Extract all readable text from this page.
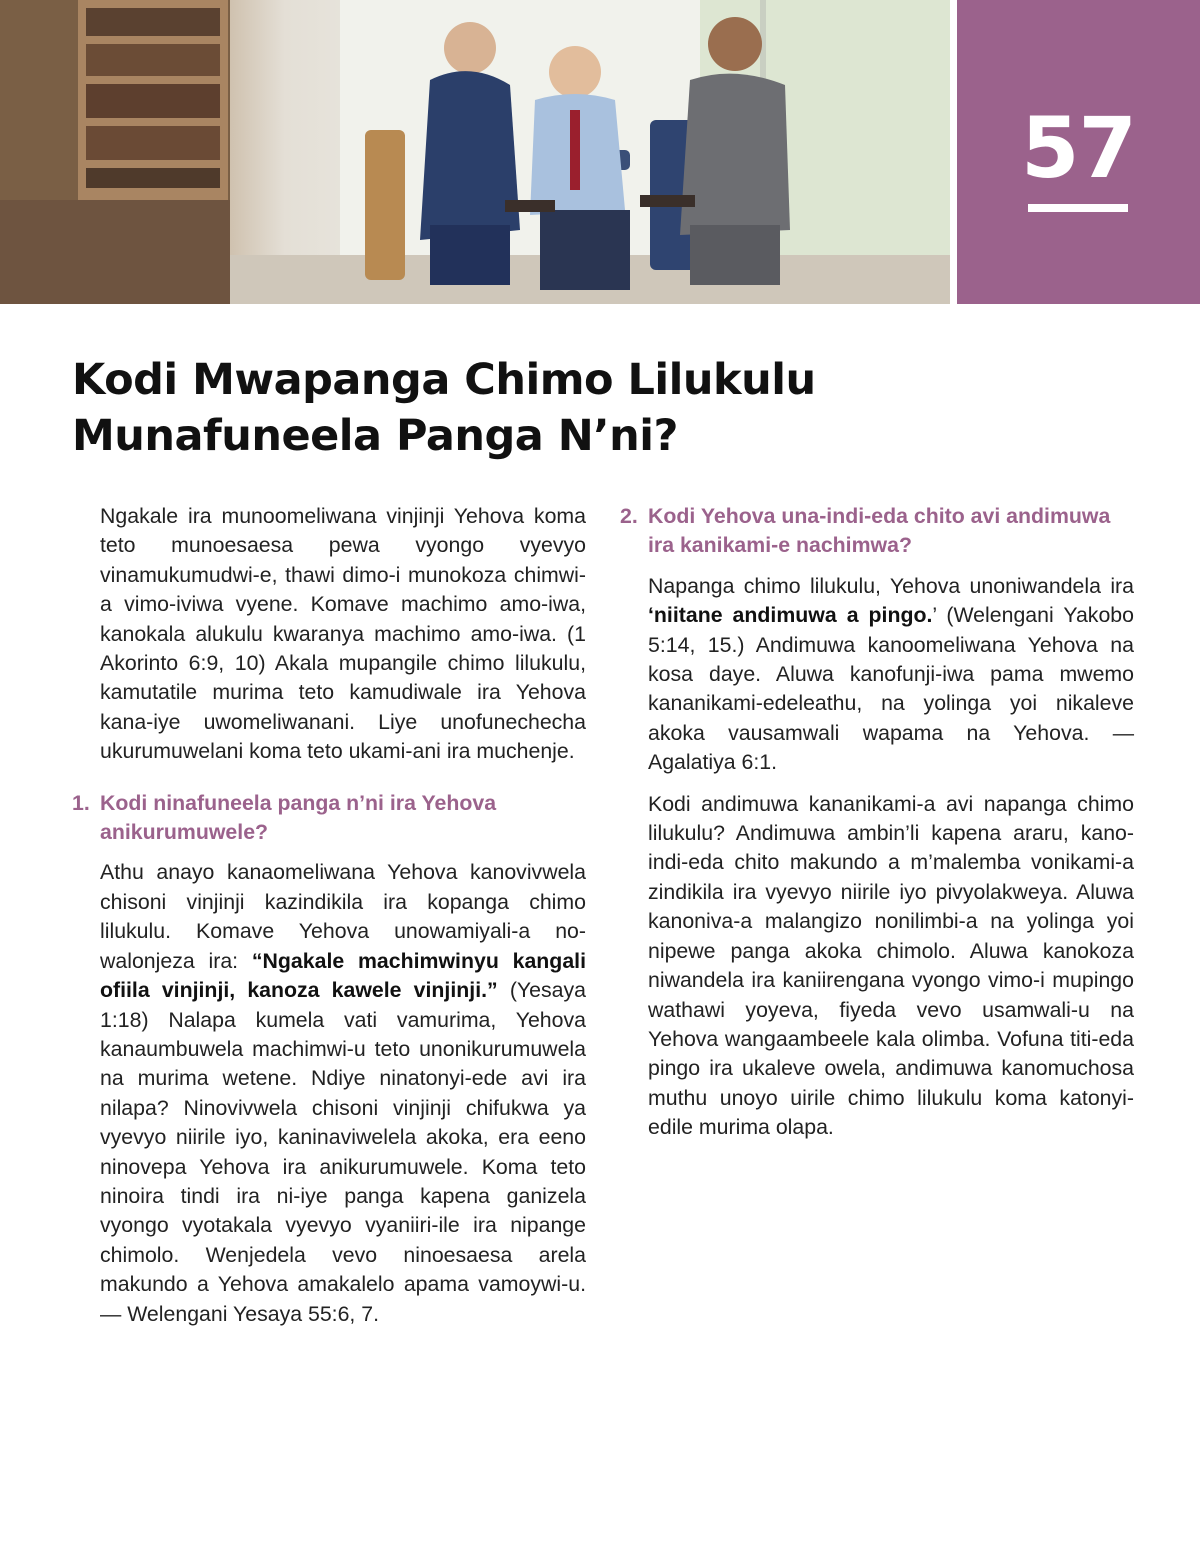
57
Kodi Mwapanga Chimo Lilukulu
Munafuneela Panga N’ni?

Ngakale ira munoomeliwana vinjinji Yehova koma teto munoesaesa pewa vyongo vyevyo vinamukumudwi-e, thawi dimo-i munokoza chimwi-a vimo-iviwa vyene. Komave machimo amo-iwa, kanokala alukulu kwaranya machimo amo-iwa. (1 Akorinto 6:9, 10) Akala mupangile chimo lilukulu, kamutatile murima teto kamudiwale ira Yehova kana-iye uwomeliwanani. Liye unofunechecha ukurumuwelani koma teto ukami-ani ira muchenje.

1. Kodi ninafuneela panga n’ni ira Yehova anikurumuwele?

Athu anayo kanaomeliwana Yehova kanovivwela chisoni vinjinji kazindikila ira kopanga chimo lilukulu. Komave Yehova unowamiyali-a nowalonjeza ira: “Ngakale machimwinyu kangali ofiila vinjinji, kanoza kawele vinjinji.” (Yesaya 1:18) Nalapa kumela vati vamurima, Yehova kanaumbuwela machimwi-u teto unonikurumuwela na murima wetene. Ndiye ninatonyi-ede avi ira nilapa? Ninovivwela chisoni vinjinji chifukwa ya vyevyo niirile iyo, kaninaviwelela akoka, era eeno ninovepa Yehova ira anikurumuwele. Koma teto ninoira tindi ira ni-iye panga kapena ganizela vyongo vyotakala vyevyo vyaniiri-ile ira nipange chimolo. Wenjedela vevo ninoesaesa arela makundo a Yehova amakalelo apama vamoywi-u. — Welengani Yesaya 55:6, 7.

2. Kodi Yehova una-indi-eda chito avi andimuwa ira kanikami-e nachimwa?

Napanga chimo lilukulu, Yehova unoniwandela ira ‘niitane andimuwa a pingo.’ (Welengani Yakobo 5:14, 15.) Andimuwa kanoomeliwana Yehova na kosa daye. Aluwa kanofunji-iwa pama mwemo kananikami-edeleathu, na yolinga yoi nikaleve akoka vausamwali wapama na Yehova. — Agalatiya 6:1.

Kodi andimuwa kananikami-a avi napanga chimo lilukulu? Andimuwa ambin’li kapena araru, kano-indi-eda chito makundo a m’malemba vonikami-a zindikila ira vyevyo niirile iyo pivyolakweya. Aluwa kanoniva-a malangizo nonilimbi-a na yolinga yoi nipewe panga akoka chimolo. Aluwa kanokoza niwandela ira kaniirengana vyongo vimo-i mupingo wathawi yoyeva, fiyeda vevo usamwali-u na Yehova wangaambeele kala olimba. Vofuna titi-eda pingo ira ukaleve owela, andimuwa kanomuchosa muthu unoyo uirile chimo lilukulu koma katonyi-edile murima olapa.
